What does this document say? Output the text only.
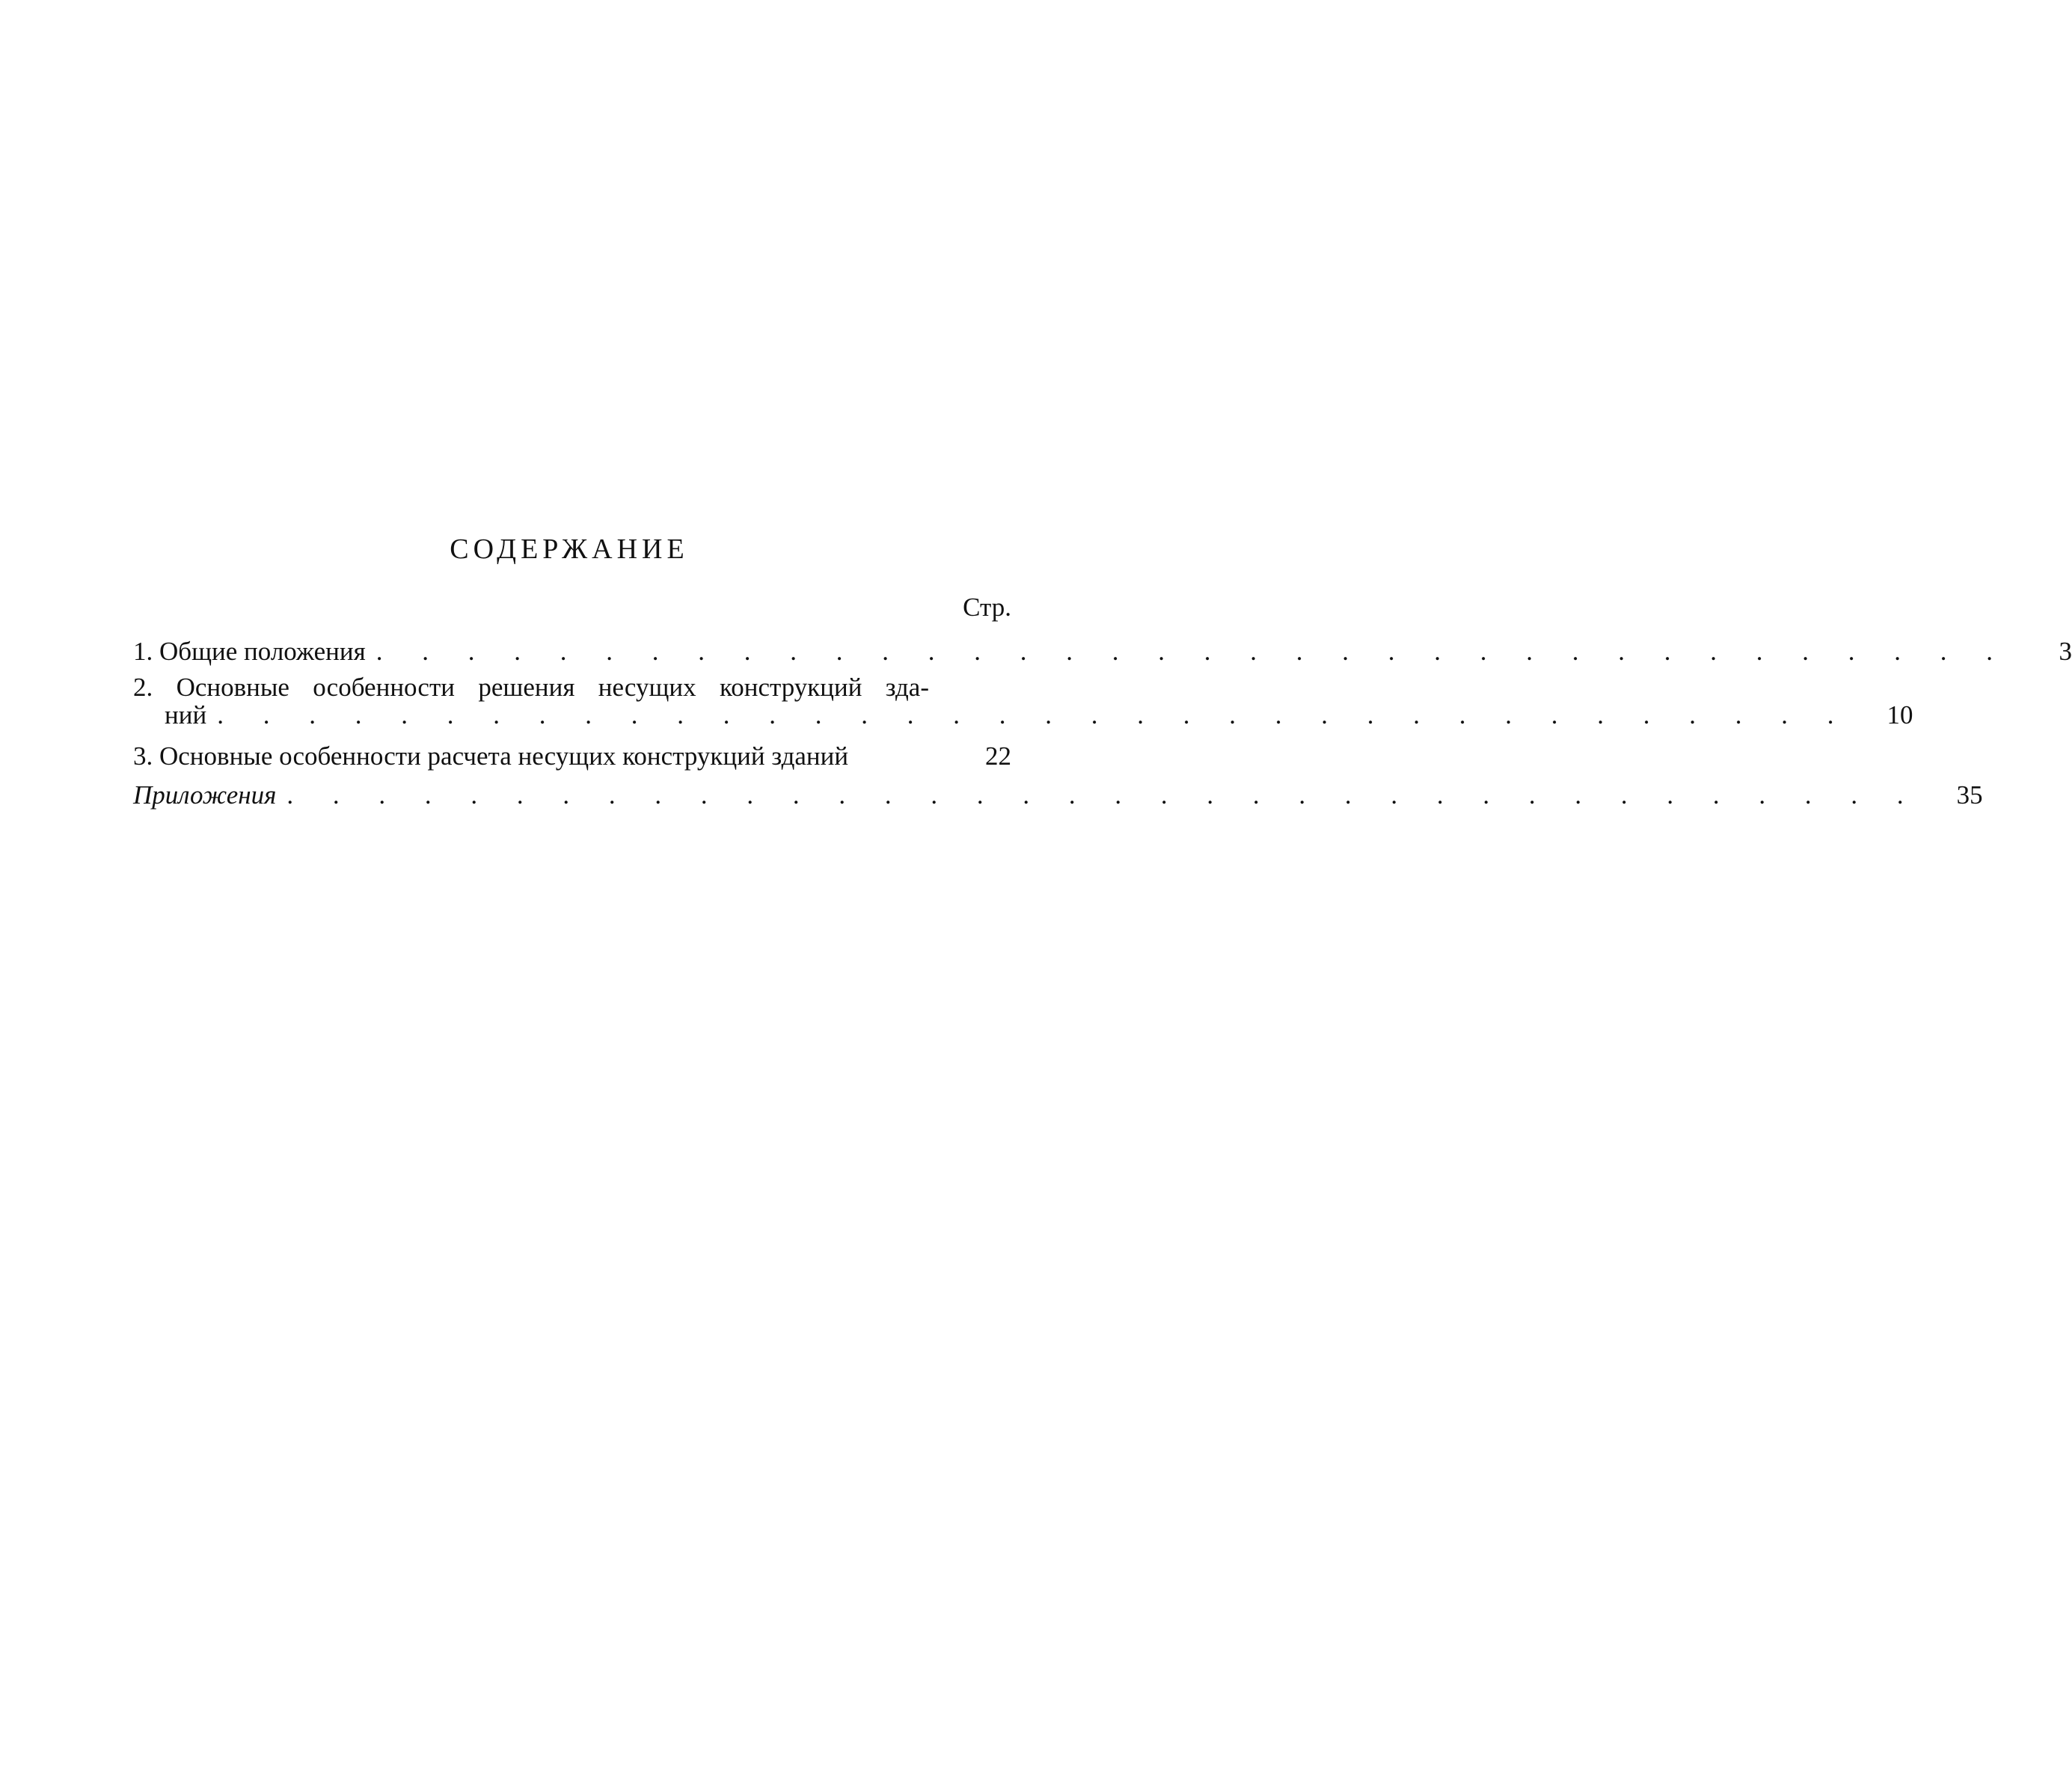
СОДЕРЖАНИЕ
Стр.
1. Общие положения . . . . . . . . . . . . . . . . . . . . . . . . . . . . . . . . . . . .	3
2. Основные особенности решения несущих конструкций зда-
ний . . . . . . . . . . . . . . . . . . . . . . . . . . . . . . . . . . . .	10
3. Основные особенности расчета несущих конструкций зданий	22
Приложения . . . . . . . . . . . . . . . . . . . . . . . . . . . . . . . . . . . .	35
